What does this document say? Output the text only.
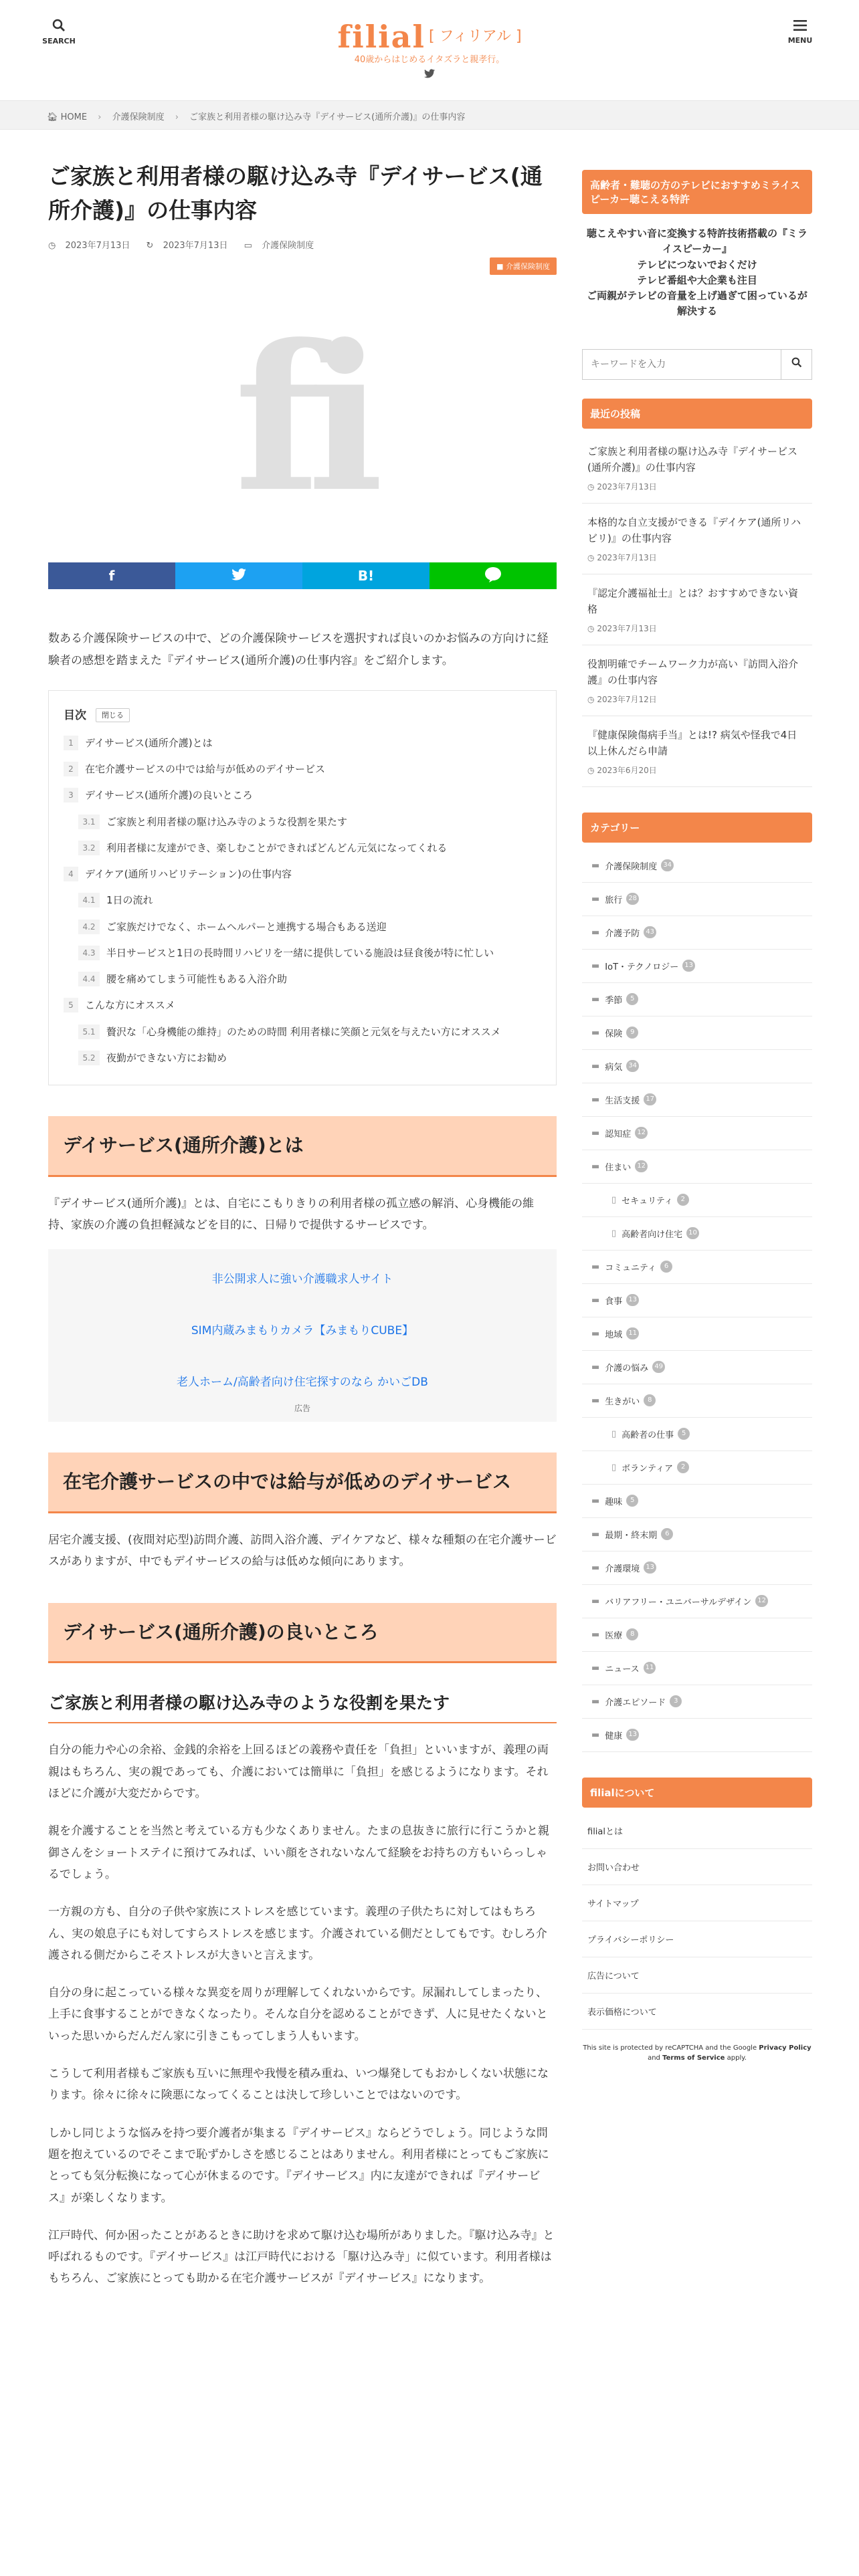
SEARCH	filial [ フィリアル ]
40歳からはじめるイタズラと親孝行。
MENU
🏠︎ HOME › 介護保険制度 › ご家族と利用者様の駆け込み寺『デイサービス(通所介護)』の仕事内容
ご家族と利用者様の駆け込み寺『デイサービス(通所介護)』の仕事内容
◷ 2023年7月13日 ↻ 2023年7月13日 ▭ 介護保険制度
■ 介護保険制度
fi
f	B!

数ある介護保険サービスの中で、どの介護保険サービスを選択すれば良いのかお悩みの方向けに経験者の感想を踏まえた『デイサービス(通所介護)の仕事内容』をご紹介します。

目次 閉じる
1	デイサービス(通所介護)とは
2	在宅介護サービスの中では給与が低めのデイサービス
3	デイサービス(通所介護)の良いところ
3.1	ご家族と利用者様の駆け込み寺のような役割を果たす
3.2	利用者様に友達ができ、楽しむことができればどんどん元気になってくれる
4	デイケア(通所リハビリテーション)の仕事内容
4.1	1日の流れ
4.2	ご家族だけでなく、ホームヘルパーと連携する場合もある送迎
4.3	半日サービスと1日の長時間リハビリを一緒に提供している施設は昼食後が特に忙しい
4.4	腰を痛めてしまう可能性もある入浴介助
5	こんな方にオススメ
5.1	贅沢な「心身機能の維持」のための時間 利用者様に笑顔と元気を与えたい方にオススメ
5.2	夜勤ができない方にお勧め
デイサービス(通所介護)とは

『デイサービス(通所介護)』とは、自宅にこもりきりの利用者様の孤立感の解消、心身機能の維持、家族の介護の負担軽減などを目的に、日帰りで提供するサービスです。

非公開求人に強い介護職求人サイト
SIM内蔵みまもりカメラ【みまもりCUBE】
老人ホーム/高齢者向け住宅探すのなら かいごDB
広告
在宅介護サービスの中では給与が低めのデイサービス

居宅介護支援、(夜間対応型)訪問介護、訪問入浴介護、デイケアなど、様々な種類の在宅介護サービスがありますが、中でもデイサービスの給与は低めな傾向にあります。

デイサービス(通所介護)の良いところ
ご家族と利用者様の駆け込み寺のような役割を果たす

自分の能力や心の余裕、金銭的余裕を上回るほどの義務や責任を「負担」といいますが、義理の両親はもちろん、実の親であっても、介護においては簡単に「負担」を感じるようになります。それほどに介護が大変だからです。

親を介護することを当然と考えている方も少なくありません。たまの息抜きに旅行に行こうかと親御さんをショートステイに預けてみれば、いい顔をされないなんて経験をお持ちの方もいらっしゃるでしょう。

一方親の方も、自分の子供や家族にストレスを感じています。義理の子供たちに対してはもちろん、実の娘息子にも対してすらストレスを感じます。介護されている側だとしてもです。むしろ介護される側だからこそストレスが大きいと言えます。

自分の身に起こっている様々な異変を周りが理解してくれないからです。尿漏れしてしまったり、上手に食事することができなくなったり。そんな自分を認めることができず、人に見せたくないといった思いからだんだん家に引きこもってしまう人もいます。

こうして利用者様もご家族も互いに無理や我慢を積み重ね、いつ爆発してもおかしくない状態になります。徐々に徐々に険悪になってくることは決して珍しいことではないのです。

しかし同じような悩みを持つ要介護者が集まる『デイサービス』ならどうでしょう。同じような問題を抱えているのでそこまで恥ずかしさを感じることはありません。利用者様にとってもご家族にとっても気分転換になって心が休まるのです。『デイサービス』内に友達ができれば『デイサービス』が楽しくなります。

江戸時代、何か困ったことがあるときに助けを求めて駆け込む場所がありました。『駆け込み寺』と呼ばれるものです。『デイサービス』は江戸時代における「駆け込み寺」に似ています。利用者様はもちろん、ご家族にとっても助かる在宅介護サービスが『デイサービス』になります。

高齢者・難聴の方のテレビにおすすめミライスピーカー聴こえる特許
聴こえやすい音に変換する特許技術搭載の『ミライスピーカー』
テレビにつないでおくだけ
テレビ番組や大企業も注目
ご両親がテレビの音量を上げ過ぎて困っているが解決する
キーワードを入力
最近の投稿
ご家族と利用者様の駆け込み寺『デイサービス(通所介護)』の仕事内容
◷ 2023年7月13日
本格的な自立支援ができる『デイケア(通所リハビリ)』の仕事内容
◷ 2023年7月13日
『認定介護福祉士』とは？おすすめできない資格
◷ 2023年7月13日
役割明確でチームワーク力が高い『訪問入浴介護』の仕事内容
◷ 2023年7月12日
『健康保険傷病手当』とは!? 病気や怪我で4日以上休んだら申請
◷ 2023年6月20日
カテゴリー
▬ 介護保険制度 34
▬ 旅行 28
▬ 介護予防 43
▬ IoT・テクノロジー 13
▬ 季節	5
▬ 保険	9
▬ 病気 34
▬ 生活支援 17
▬ 認知症 12
▬ 住まい 12
▯ セキュリティ	2
▯ 高齢者向け住宅 10
▬ コミュニティ	6
▬ 食事 13
▬ 地域 11
▬ 介護の悩み 49
▬ 生きがい	8
▯ 高齢者の仕事	5
▯ ボランティア	2
▬ 趣味	5
▬ 最期・終末期	6
▬ 介護環境 13
▬ バリアフリー・ユニバーサルデザイン 12
▬ 医療	8
▬ ニュース 11
▬ 介護エピソード	3
▬ 健康 13
filialについて
filialとは
お問い合わせ
サイトマップ
プライバシーポリシー
広告について
表示価格について
This site is protected by reCAPTCHA and the Google Privacy Policy and Terms of Service apply.
